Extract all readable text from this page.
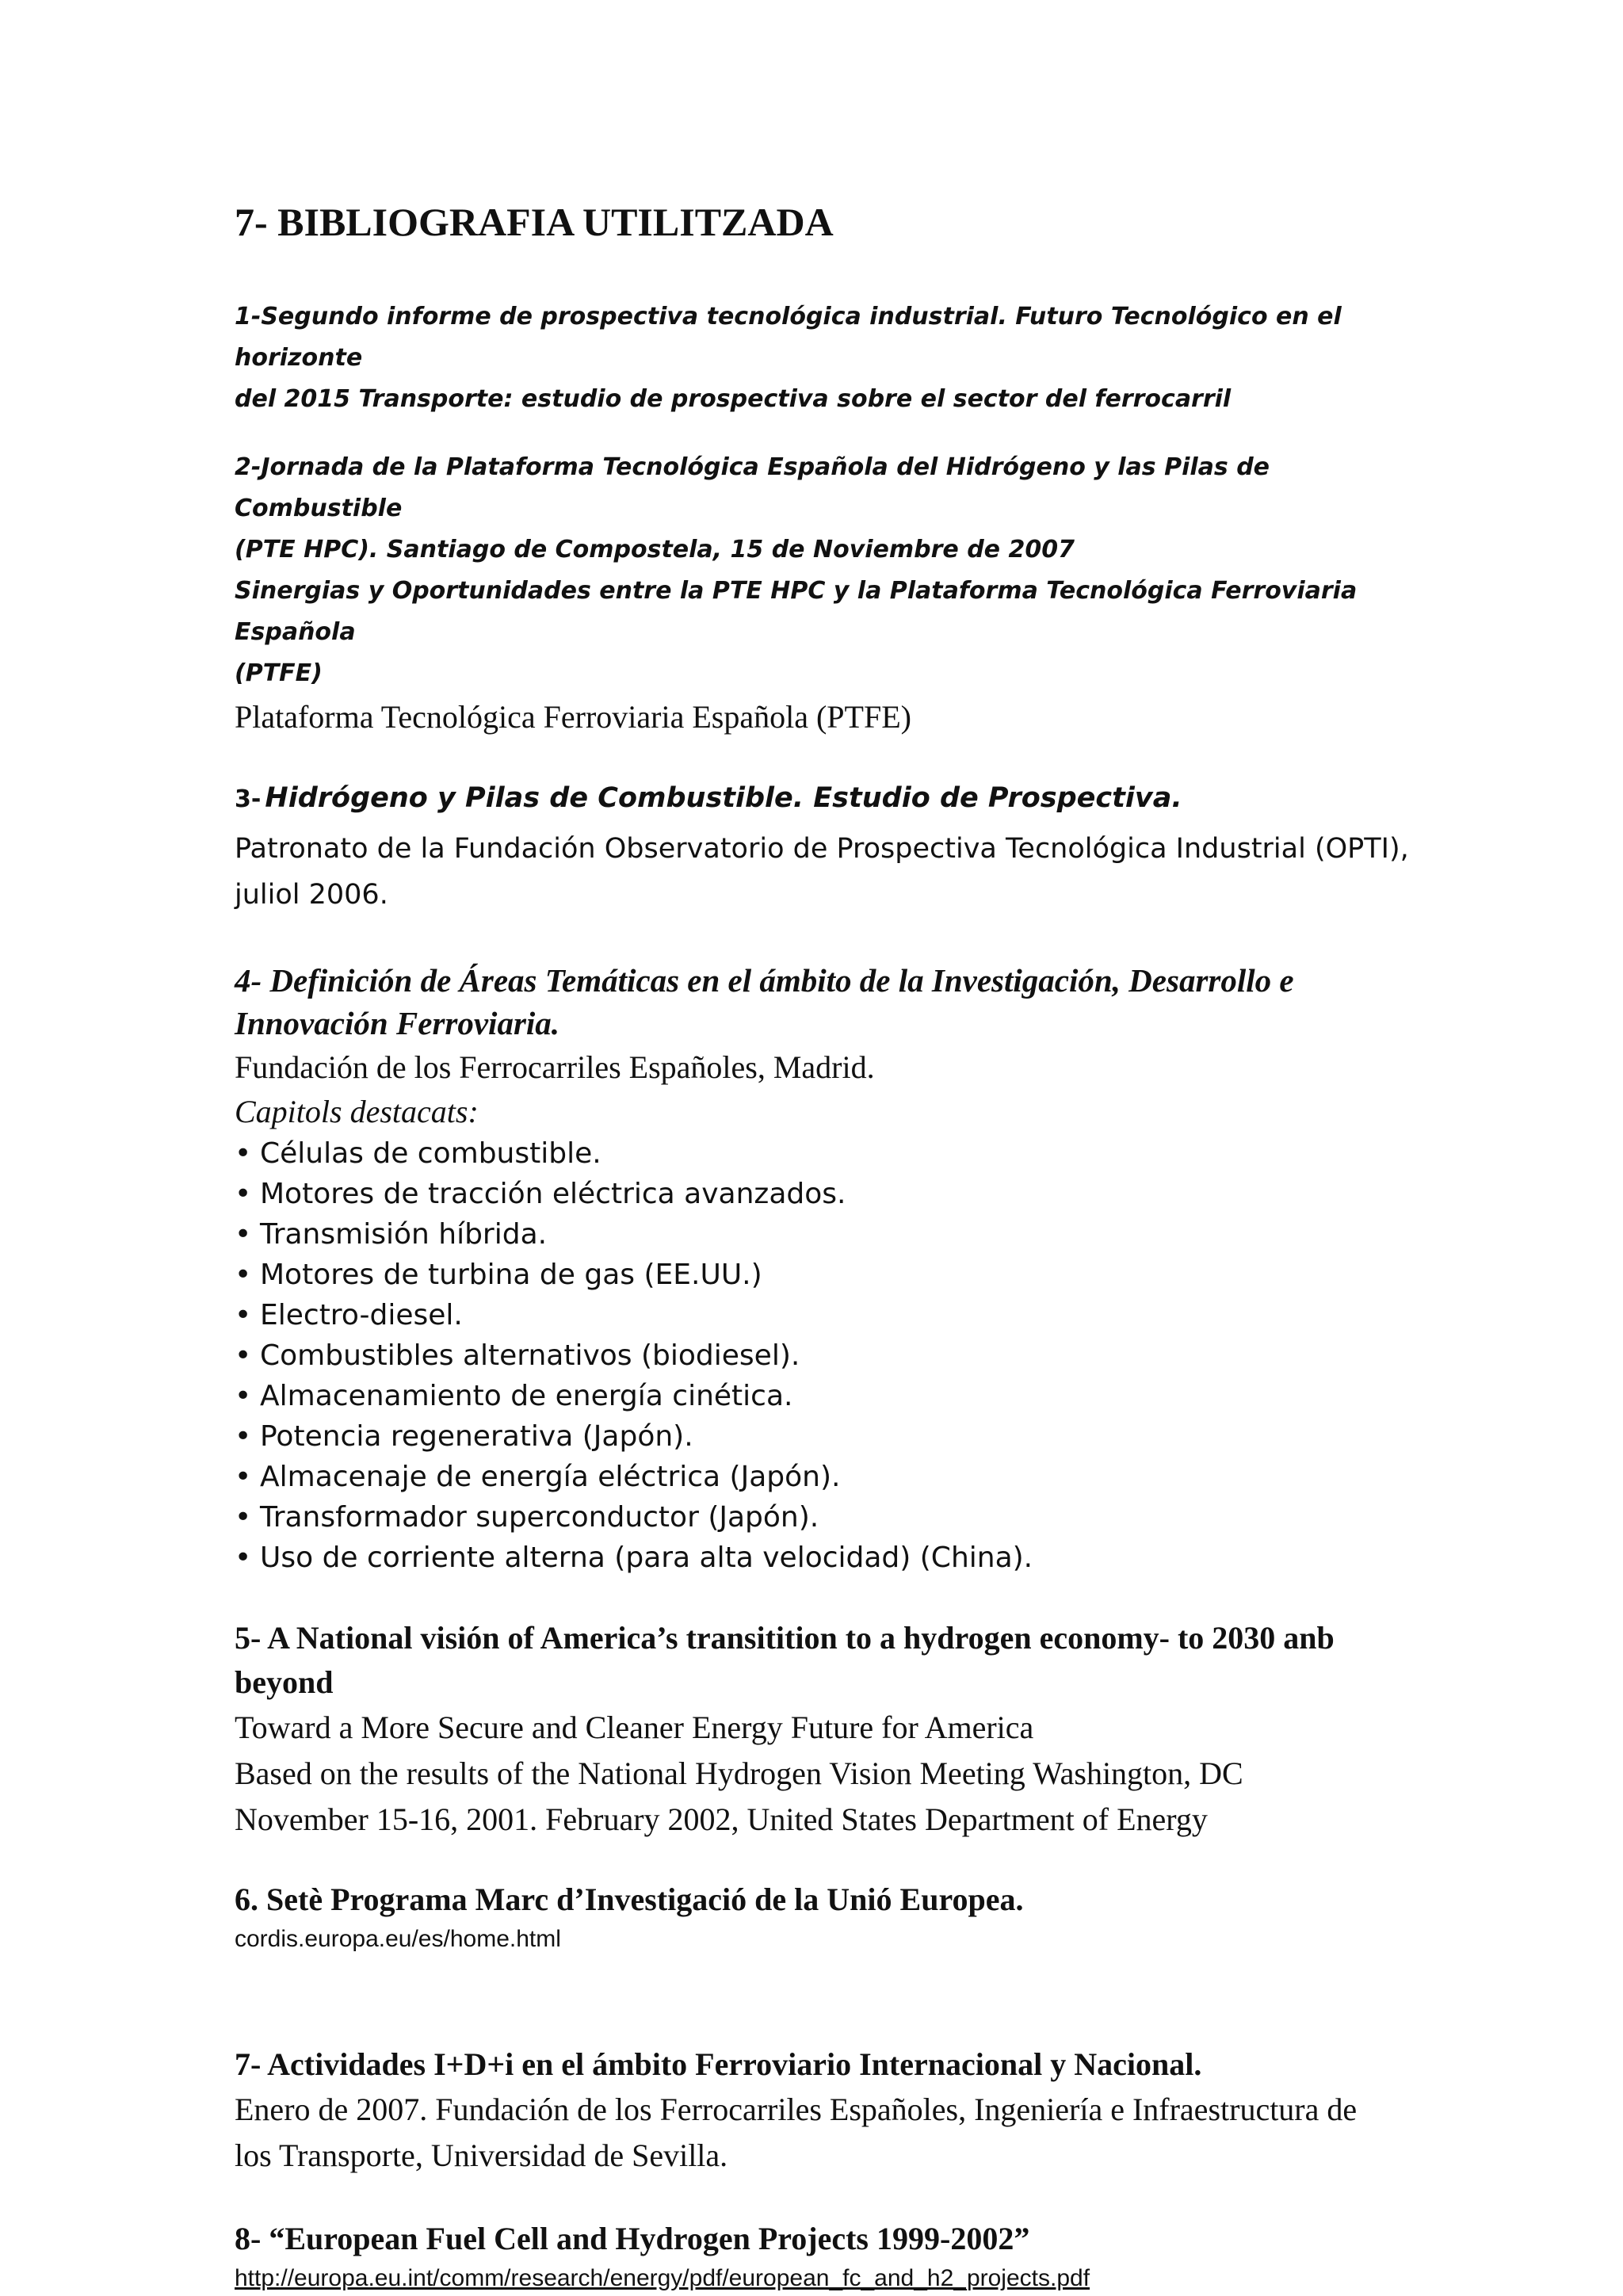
7- BIBLIOGRAFIA UTILITZADA
1-Segundo informe de prospectiva tecnológica industrial. Futuro Tecnológico en el horizonte
del 2015 Transporte: estudio de prospectiva sobre el sector del ferrocarril
2-Jornada de la Plataforma Tecnológica Española del Hidrógeno y las Pilas de Combustible
(PTE HPC). Santiago de Compostela, 15 de Noviembre de 2007
Sinergias y Oportunidades entre la PTE HPC y la Plataforma Tecnológica Ferroviaria Española
(PTFE)
Plataforma Tecnológica Ferroviaria Española (PTFE)
3- Hidrógeno y Pilas de Combustible. Estudio de Prospectiva.
Patronato de la Fundación Observatorio de Prospectiva Tecnológica Industrial (OPTI),
juliol 2006.
4- Definición de Áreas Temáticas en el ámbito de la Investigación, Desarrollo e
Innovación Ferroviaria.
Fundación de los Ferrocarriles Españoles, Madrid.
Capitols destacats:
• Células de combustible.
• Motores de tracción eléctrica avanzados.
• Transmisión híbrida.
• Motores de turbina de gas (EE.UU.)
• Electro-diesel.
• Combustibles alternativos (biodiesel).
• Almacenamiento de energía cinética.
• Potencia regenerativa (Japón).
• Almacenaje de energía eléctrica (Japón).
• Transformador superconductor (Japón).
• Uso de corriente alterna (para alta velocidad) (China).
5- A National visión of America’s transitition to a hydrogen economy- to 2030 anb
beyond
Toward a More Secure and Cleaner Energy Future for America
Based on the results of the National Hydrogen Vision Meeting Washington, DC
November 15-16, 2001. February 2002, United States Department of Energy
6. Setè Programa Marc d’Investigació de la Unió Europea.
cordis.europa.eu/es/home.html
7- Actividades I+D+i en el ámbito Ferroviario Internacional y Nacional.
Enero de 2007. Fundación de los Ferrocarriles Españoles, Ingeniería e Infraestructura de
los Transporte, Universidad de Sevilla.
8- “European Fuel Cell and Hydrogen Projects 1999-2002”
http://europa.eu.int/comm/research/energy/pdf/european_fc_and_h2_projects.pdf
